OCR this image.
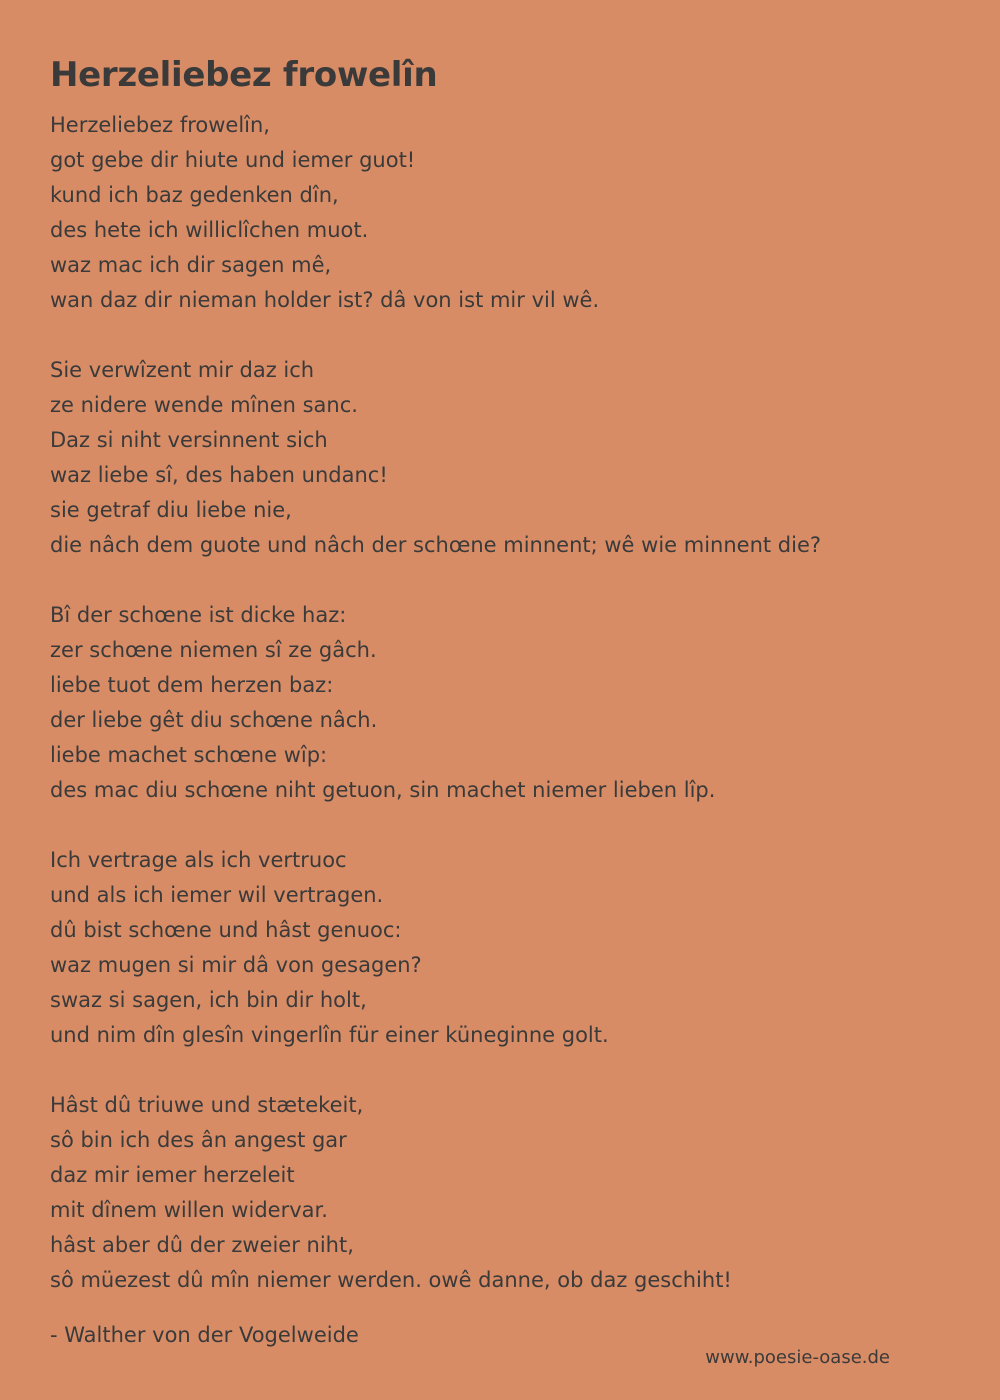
Herzeliebez frowelîn
Herzeliebez frowelîn,
got gebe dir hiute und iemer guot!
kund ich baz gedenken dîn,
des hete ich williclîchen muot.
waz mac ich dir sagen mê,
wan daz dir nieman holder ist? dâ von ist mir vil wê.
Sie verwîzent mir daz ich
ze nidere wende mînen sanc.
Daz si niht versinnent sich
waz liebe sî, des haben undanc!
sie getraf diu liebe nie,
die nâch dem guote und nâch der schœne minnent; wê wie minnent die?
Bî der schœne ist dicke haz:
zer schœne niemen sî ze gâch.
liebe tuot dem herzen baz:
der liebe gêt diu schœne nâch.
liebe machet schœne wîp:
des mac diu schœne niht getuon, sin machet niemer lieben lîp.
Ich vertrage als ich vertruoc
und als ich iemer wil vertragen.
dû bist schœne und hâst genuoc:
waz mugen si mir dâ von gesagen?
swaz si sagen, ich bin dir holt,
und nim dîn glesîn vingerlîn für einer küneginne golt.
Hâst dû triuwe und stætekeit,
sô bin ich des ân angest gar
daz mir iemer herzeleit
mit dînem willen widervar.
hâst aber dû der zweier niht,
sô müezest dû mîn niemer werden. owê danne, ob daz geschiht!
- Walther von der Vogelweide
www.poesie-oase.de
